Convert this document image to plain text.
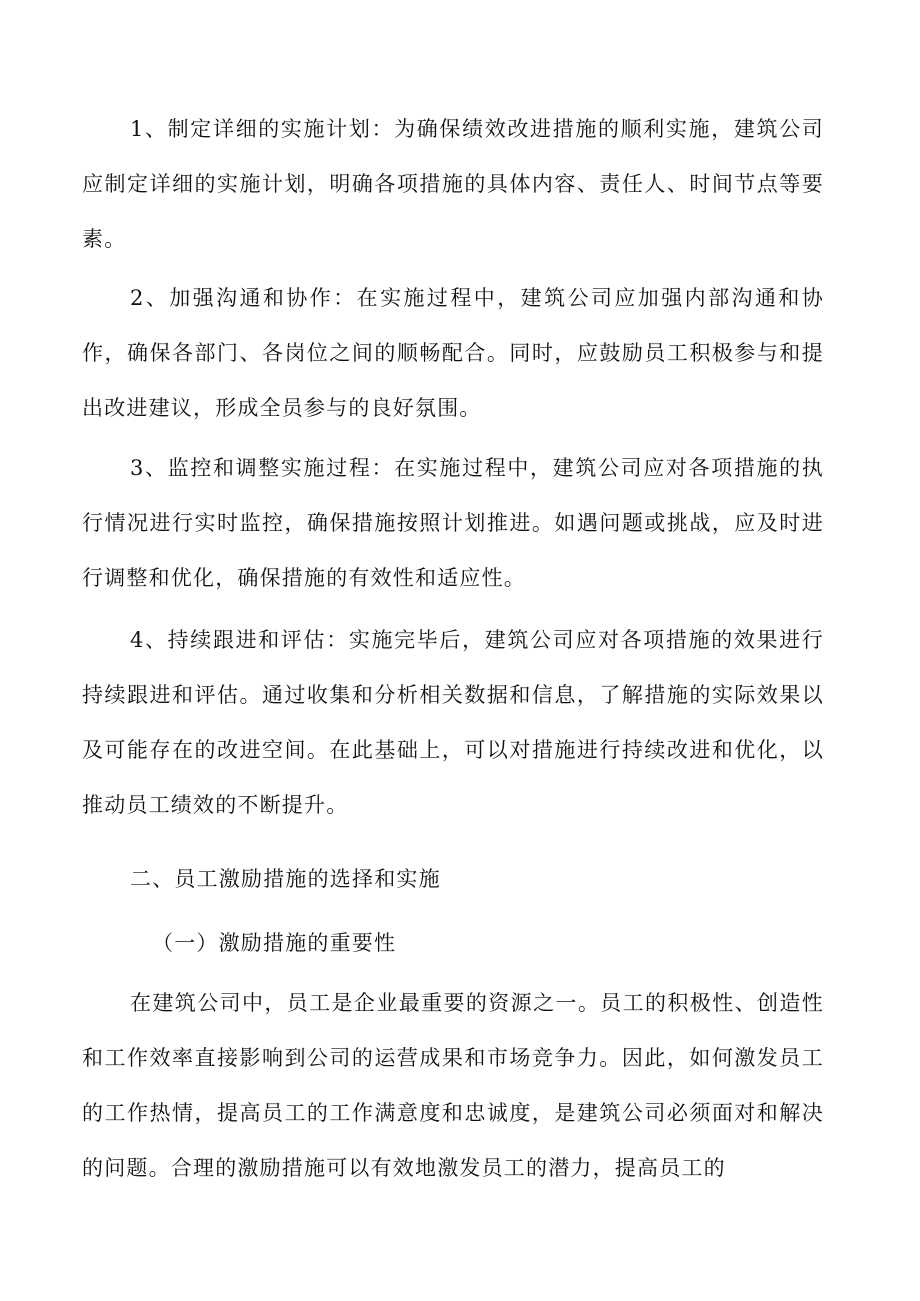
1、制定详细的实施计划：为确保绩效改进措施的顺利实施，建筑公司应制定详细的实施计划，明确各项措施的具体内容、责任人、时间节点等要素。

2、加强沟通和协作：在实施过程中，建筑公司应加强内部沟通和协作，确保各部门、各岗位之间的顺畅配合。同时，应鼓励员工积极参与和提出改进建议，形成全员参与的良好氛围。

3、监控和调整实施过程：在实施过程中，建筑公司应对各项措施的执行情况进行实时监控，确保措施按照计划推进。如遇问题或挑战，应及时进行调整和优化，确保措施的有效性和适应性。

4、持续跟进和评估：实施完毕后，建筑公司应对各项措施的效果进行持续跟进和评估。通过收集和分析相关数据和信息，了解措施的实际效果以及可能存在的改进空间。在此基础上，可以对措施进行持续改进和优化，以推动员工绩效的不断提升。

二、员工激励措施的选择和实施
（一）激励措施的重要性

在建筑公司中，员工是企业最重要的资源之一。员工的积极性、创造性和工作效率直接影响到公司的运营成果和市场竞争力。因此，如何激发员工的工作热情，提高员工的工作满意度和忠诚度，是建筑公司必须面对和解决的问题。合理的激励措施可以有效地激发员工的潜力，提高员工的
